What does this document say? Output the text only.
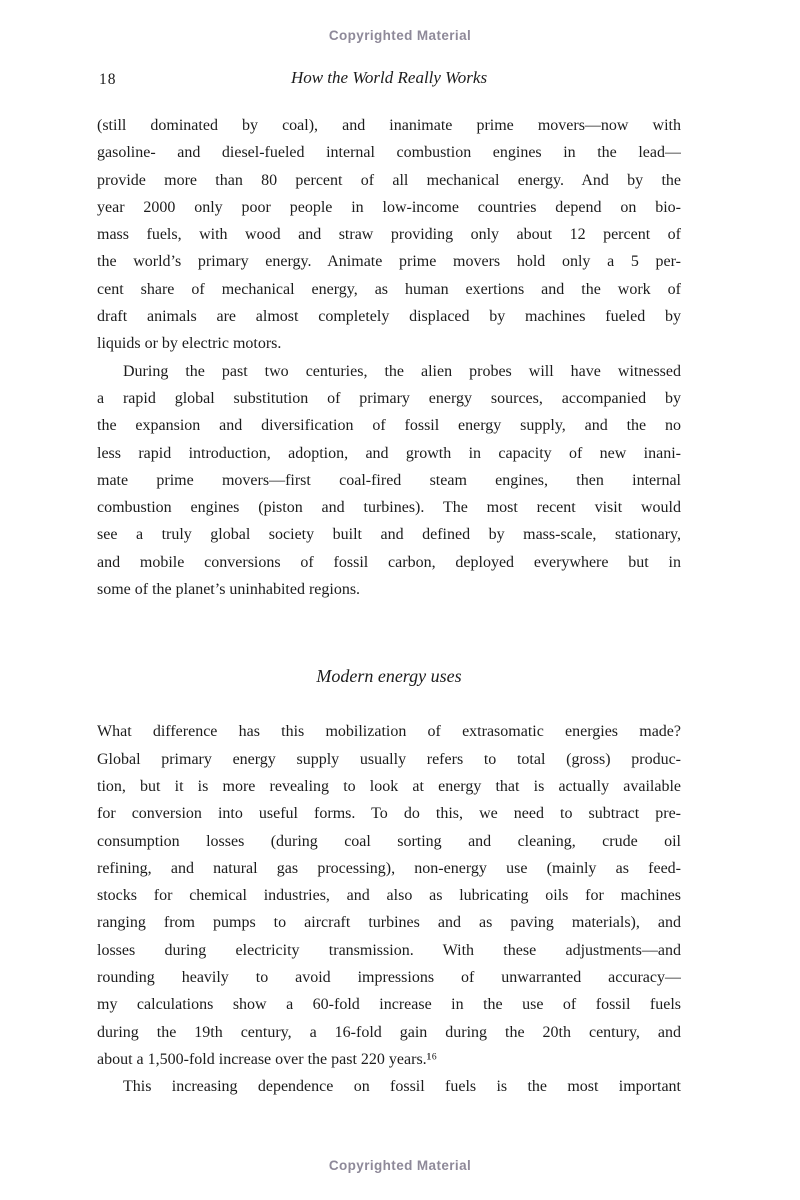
Copyrighted Material
18	How the World Really Works
(still dominated by coal), and inanimate prime movers—now with
gasoline- and diesel-fueled internal combustion engines in the lead—
provide more than 80 percent of all mechanical energy. And by the
year 2000 only poor people in low-income countries depend on bio-
mass fuels, with wood and straw providing only about 12 percent of
the world’s primary energy. Animate prime movers hold only a 5 per-
cent share of mechanical energy, as human exertions and the work of
draft animals are almost completely displaced by machines fueled by
liquids or by electric motors.
During the past two centuries, the alien probes will have witnessed
a rapid global substitution of primary energy sources, accompanied by
the expansion and diversification of fossil energy supply, and the no
less rapid introduction, adoption, and growth in capacity of new inani-
mate prime movers—first coal-fired steam engines, then internal
combustion engines (piston and turbines). The most recent visit would
see a truly global society built and defined by mass-scale, stationary,
and mobile conversions of fossil carbon, deployed everywhere but in
some of the planet’s uninhabited regions.
Modern energy uses
What difference has this mobilization of extrasomatic energies made?
Global primary energy supply usually refers to total (gross) produc-
tion, but it is more revealing to look at energy that is actually available
for conversion into useful forms. To do this, we need to subtract pre-
consumption losses (during coal sorting and cleaning, crude oil
refining, and natural gas processing), non-energy use (mainly as feed-
stocks for chemical industries, and also as lubricating oils for machines
ranging from pumps to aircraft turbines and as paving materials), and
losses during electricity transmission. With these adjustments—and
rounding heavily to avoid impressions of unwarranted accuracy—
my calculations show a 60-fold increase in the use of fossil fuels
during the 19th century, a 16-fold gain during the 20th century, and
about a 1,500-fold increase over the past 220 years.¹⁶
This increasing dependence on fossil fuels is the most important
Copyrighted Material
